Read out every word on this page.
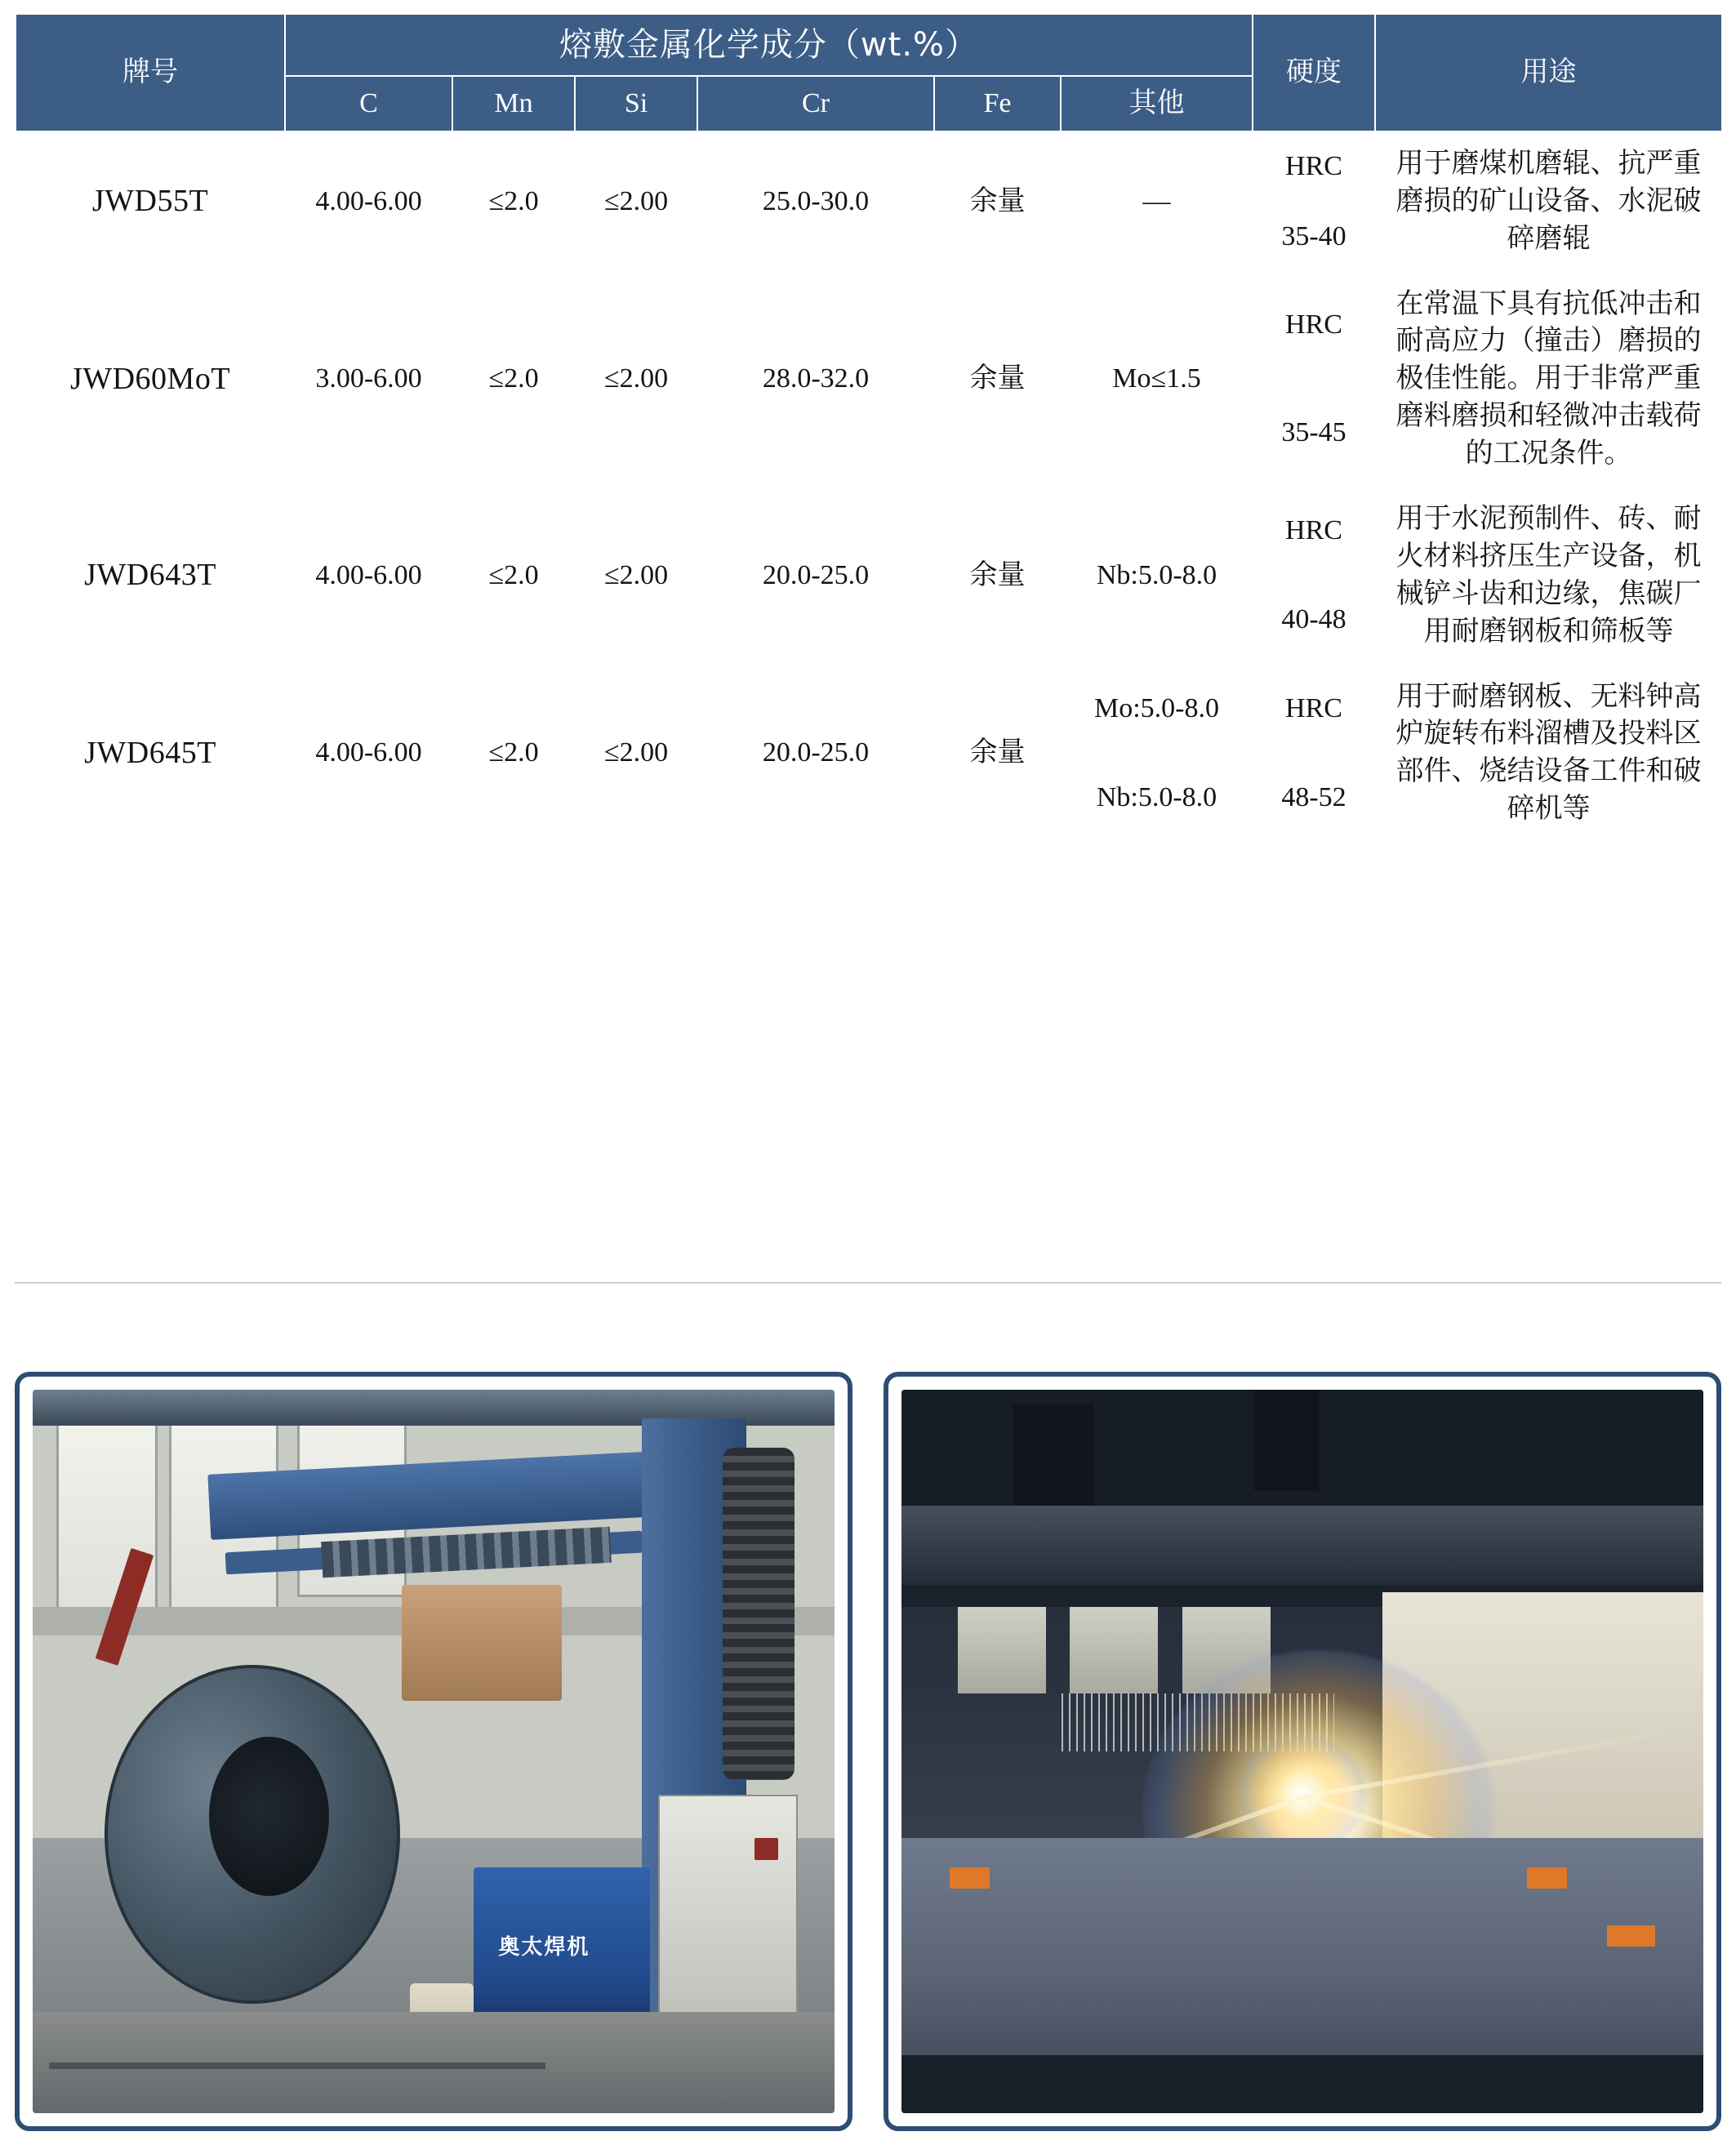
牌号	熔敷金属化学成分（wt.%）						硬度	用途
	C	Mn	Si	Cr	Fe	其他		
JWD55T	4.00-6.00	≤2.0	≤2.00	25.0-30.0	余量	—	HRC	用于磨煤机磨辊、抗严重磨损的矿山设备、水泥破碎磨辊
							35-40	
JWD60MoT	3.00-6.00	≤2.0	≤2.00	28.0-32.0	余量	Mo≤1.5	HRC	在常温下具有抗低冲击和耐高应力（撞击）磨损的极佳性能。用于非常严重磨料磨损和轻微冲击载荷的工况条件。
							35-45	
JWD643T	4.00-6.00	≤2.0	≤2.00	20.0-25.0	余量	Nb:5.0-8.0	HRC	用于水泥预制件、砖、耐火材料挤压生产设备，机械铲斗齿和边缘，焦碳厂用耐磨钢板和筛板等
							40-48	
JWD645T	4.00-6.00	≤2.0	≤2.00	20.0-25.0	余量	Mo:5.0-8.0	HRC	用于耐磨钢板、无料钟高炉旋转布料溜槽及投料区部件、烧结设备工件和破碎机等
						Nb:5.0-8.0	48-52	
奥太焊机
